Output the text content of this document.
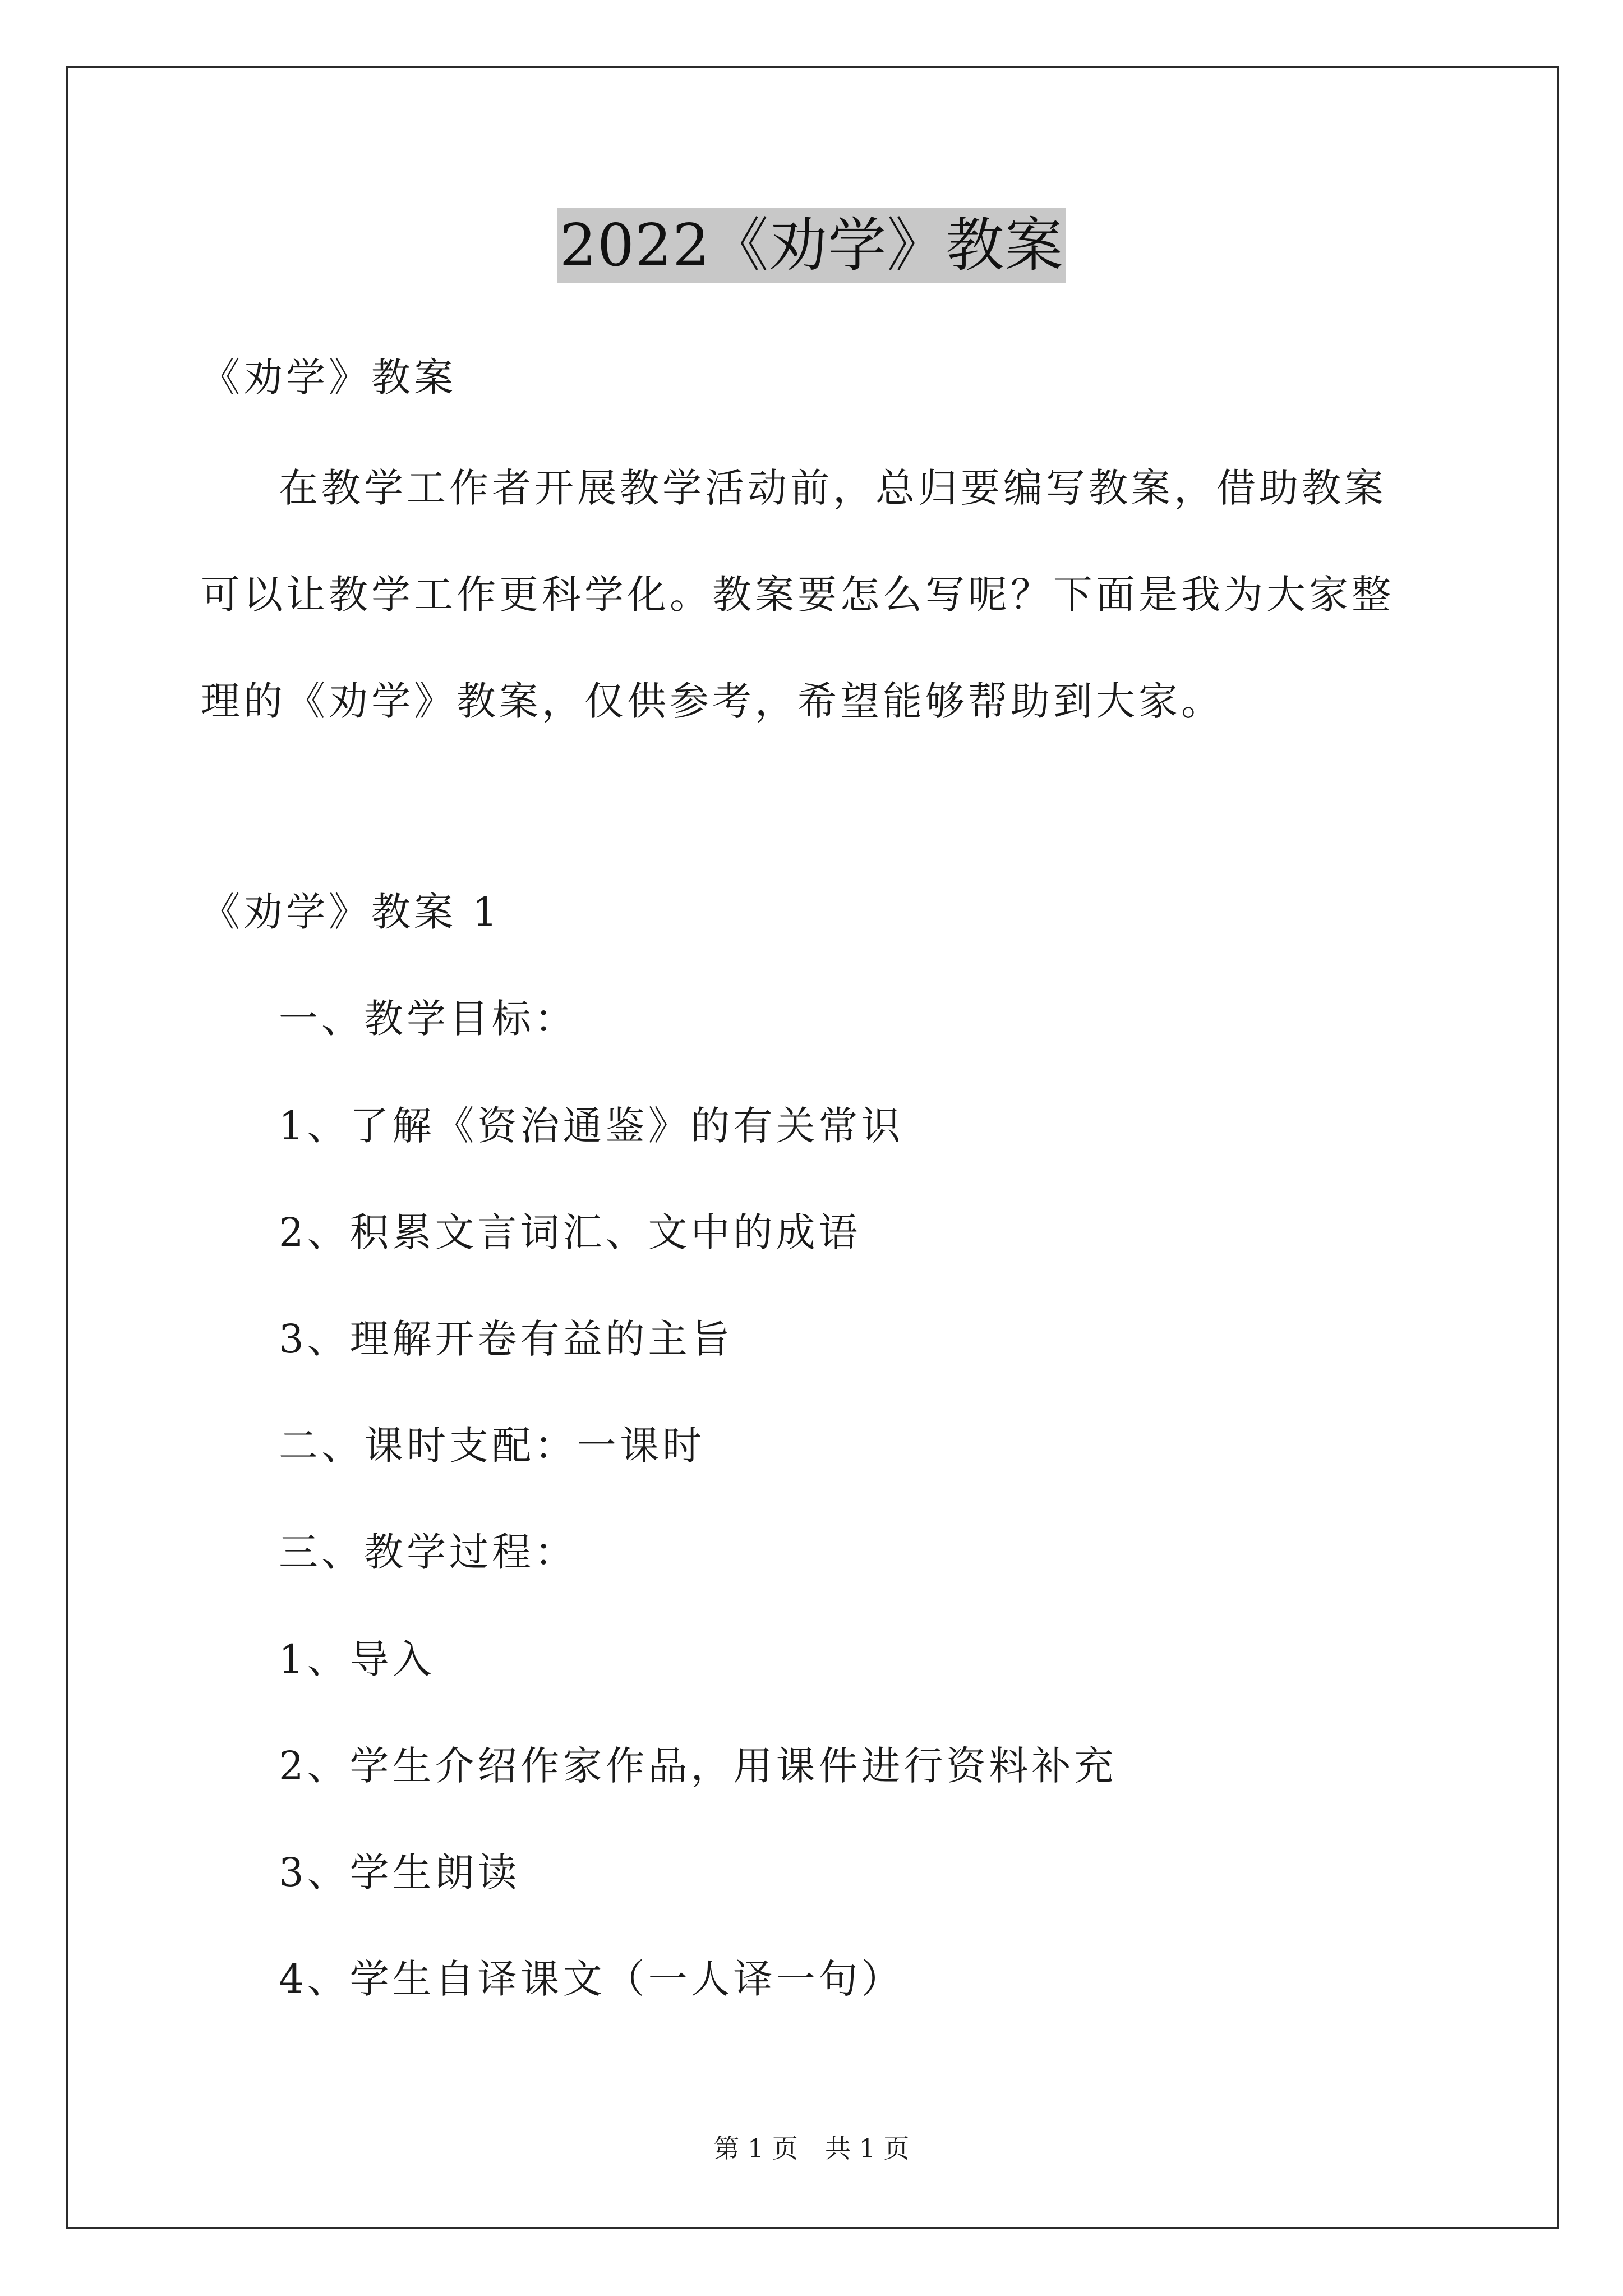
2022《劝学》教案
《劝学》教案

在教学工作者开展教学活动前，总归要编写教案，借助教案可以让教学工作更科学化。教案要怎么写呢？下面是我为大家整理的《劝学》教案，仅供参考，希望能够帮助到大家。

《劝学》教案 1
一、教学目标：
1、了解《资治通鉴》的有关常识
2、积累文言词汇、文中的成语
3、理解开卷有益的主旨
二、课时支配：一课时
三、教学过程：
1、导入
2、学生介绍作家作品，用课件进行资料补充
3、学生朗读
4、学生自译课文（一人译一句）
第 1 页 共 1 页
